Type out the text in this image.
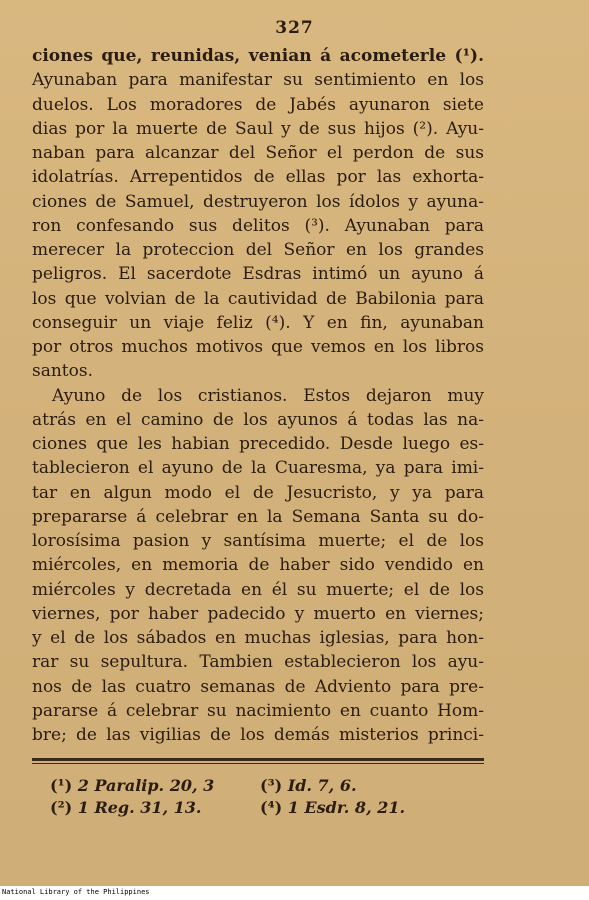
327
ciones que, reunidas, venian á acometerle (¹).
Ayunaban para manifestar su sentimiento en los
duelos. Los moradores de Jabés ayunaron siete
dias por la muerte de Saul y de sus hijos (²). Ayu-
naban para alcanzar del Señor el perdon de sus
idolatrías. Arrepentidos de ellas por las exhorta-
ciones de Samuel, destruyeron los ídolos y ayuna-
ron confesando sus delitos (³). Ayunaban para
merecer la proteccion del Señor en los grandes
peligros. El sacerdote Esdras intimó un ayuno á
los que volvian de la cautividad de Babilonia para
conseguir un viaje feliz (⁴). Y en fin, ayunaban
por otros muchos motivos que vemos en los libros
santos.
Ayuno de los cristianos. Estos dejaron muy
atrás en el camino de los ayunos á todas las na-
ciones que les habian precedido. Desde luego es-
tablecieron el ayuno de la Cuaresma, ya para imi-
tar en algun modo el de Jesucristo, y ya para
prepararse á celebrar en la Semana Santa su do-
lorosísima pasion y santísima muerte; el de los
miércoles, en memoria de haber sido vendido en
miércoles y decretada en él su muerte; el de los
viernes, por haber padecido y muerto en viernes;
y el de los sábados en muchas iglesias, para hon-
rar su sepultura. Tambien establecieron los ayu-
nos de las cuatro semanas de Adviento para pre-
pararse á celebrar su nacimiento en cuanto Hom-
bre; de las vigilias de los demás misterios princi-
(¹) 2 Paralip. 20, 3	(³) Id. 7, 6.
(²) 1 Reg. 31, 13.	(⁴) 1 Esdr. 8, 21.
National Library of the Philippines
